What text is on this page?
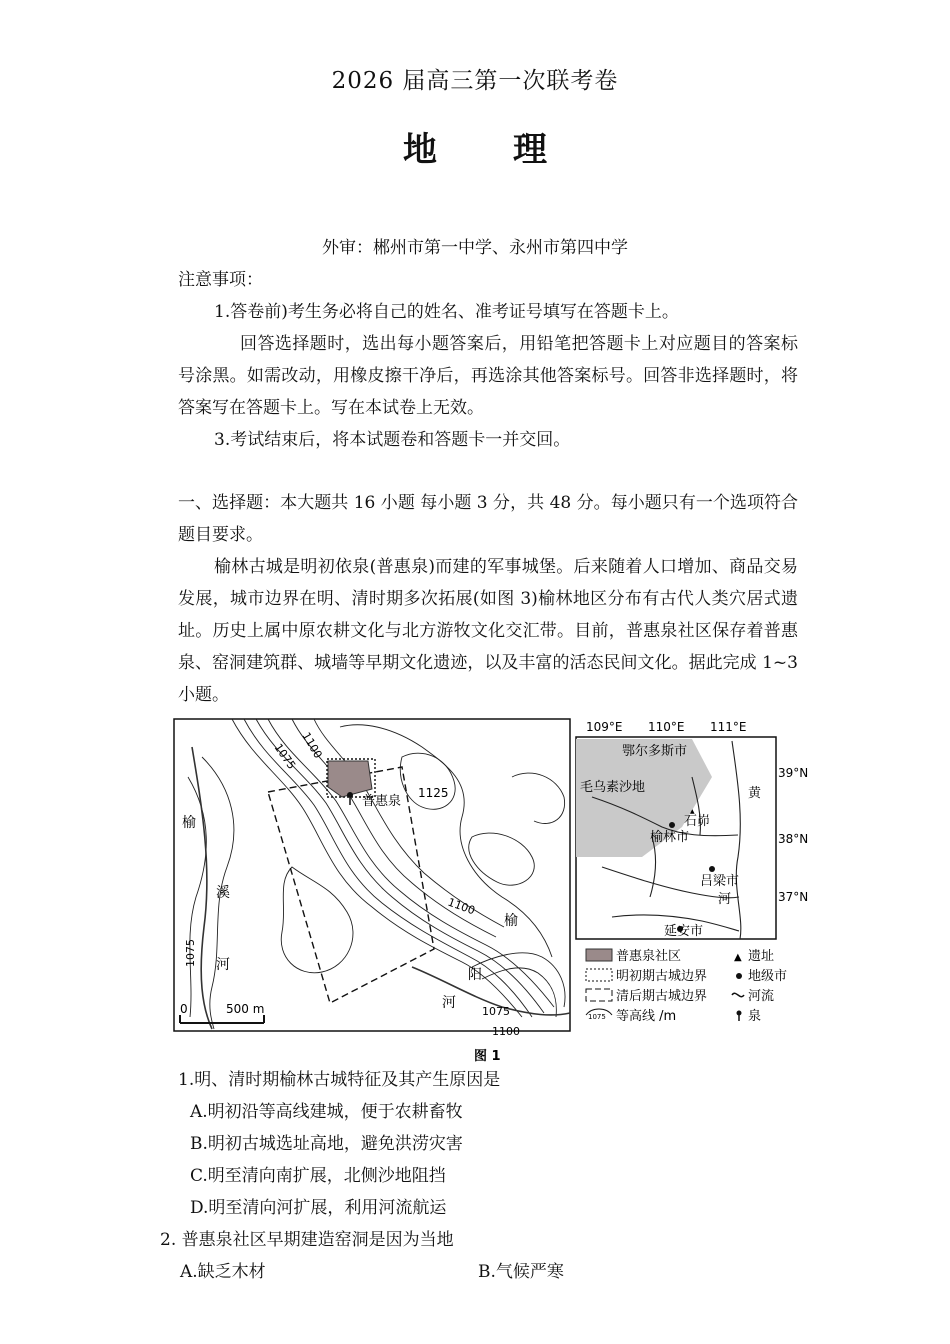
2026 届高三第一次联考卷
地理
外审：郴州市第一中学、永州市第四中学
注意事项：
1.答卷前)考生务必将自己的姓名、准考证号填写在答题卡上。
回答选择题时，选出每小题答案后，用铅笔把答题卡上对应题目的答案标号涂黑。如需改动，用橡皮擦干净后，再选涂其他答案标号。回答非选择题时，将答案写在答题卡上。写在本试卷上无效。
3.考试结束后，将本试题卷和答题卡一并交回。
一、选择题：本大题共 16 小题 每小题 3 分，共 48 分。每小题只有一个选项符合题目要求。
榆林古城是明初依泉(普惠泉)而建的军事城堡。后来随着人口增加、商品交易发展，城市边界在明、清时期多次拓展(如图 3)榆林地区分布有古代人类穴居式遗址。历史上属中原农耕文化与北方游牧文化交汇带。目前，普惠泉社区保存着普惠泉、窑洞建筑群、城墙等早期文化遗迹，以及丰富的活态民间文化。据此完成 1~3 小题。
普惠泉
1125
1100
1075
1100
1075
1100
1075
榆
溪
河
榆
阳
河
0	500 m
109°E 110°E 111°E
39°N
38°N
37°N
鄂尔多斯市
毛乌素沙地
榆林市
▲
石峁
吕梁市
延安市
黄
河
普惠泉社区
明初期古城边界
清后期古城边界
1075 等高线 /m
▲ 遗址
地级市
河流
泉
图 1
1.明、清时期榆林古城特征及其产生原因是
A.明初沿等高线建城，便于农耕畜牧
B.明初古城选址高地，避免洪涝灾害
C.明至清向南扩展，北侧沙地阻挡
D.明至清向河扩展，利用河流航运
2. 普惠泉社区早期建造窑洞是因为当地
A.缺乏木材	B.气候严寒
